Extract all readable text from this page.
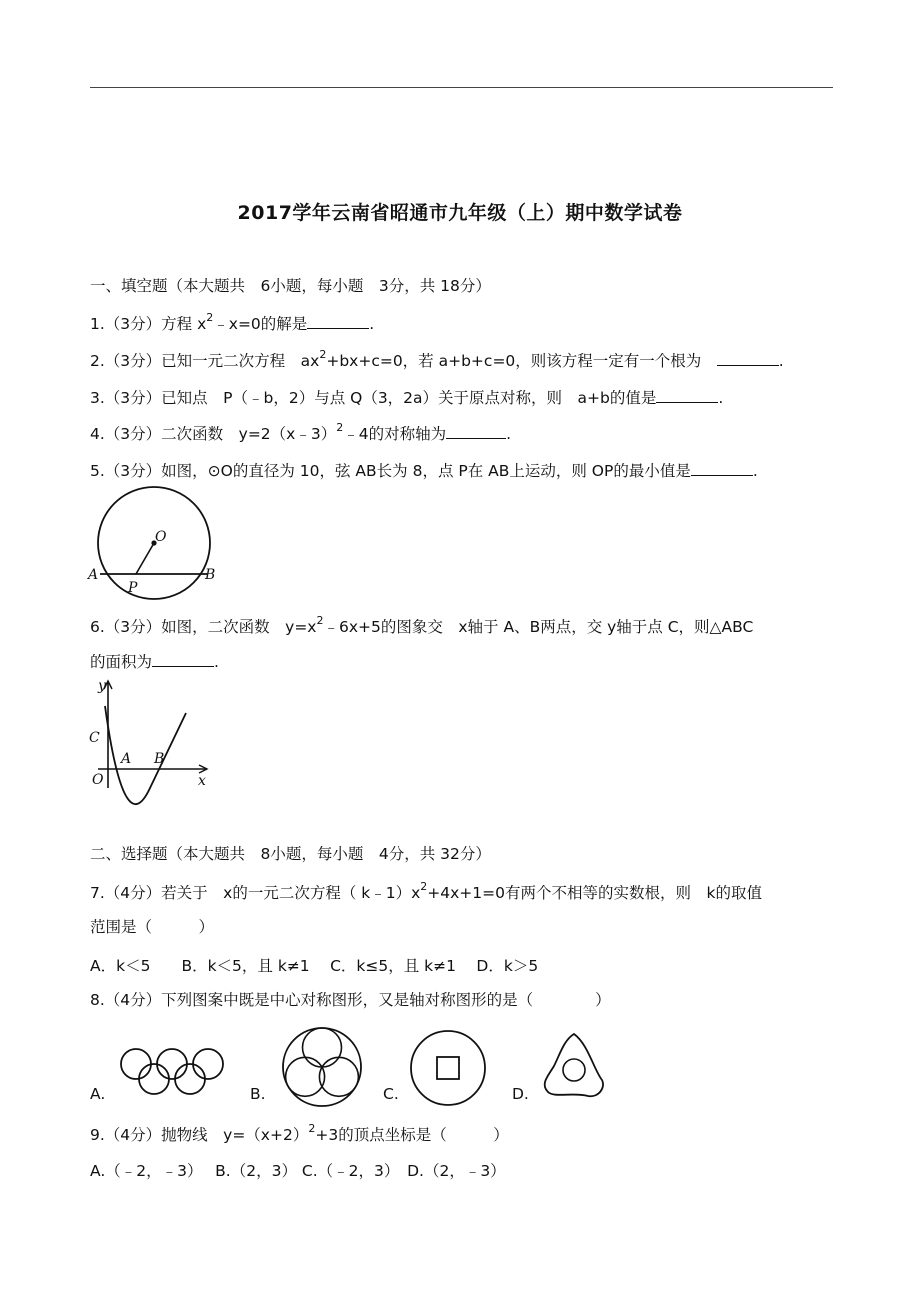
2017学年云南省昭通市九年级（上）期中数学试卷
一、填空题（本大题共　6小题，每小题　3分，共 18分）
1.（3分）方程 $x^2﹣x=0$的解是	.
2.（3分）已知一元二次方程　$ax^2+bx+c=0$，若 a+b+c=0，则该方程一定有一个根为　	.
3.（3分）已知点　P（﹣b，2）与点 Q（3，2a）关于原点对称，则　a+b的值是	.
4.（3分）二次函数　y=2（x﹣3）$^2$﹣4的对称轴为	.
5.（3分）如图，⊙O的直径为 10，弦 AB长为 8，点 P在 AB上运动，则 OP的最小值是	.
O
A	B
P
6.（3分）如图，二次函数　$y=x^2﹣6x+5$的图象交　x轴于 A、B两点，交 y轴于点 C，则△ABC
的面积为	.
y
x
C
O
A B
二、选择题（本大题共　8小题，每小题　4分，共 32分）
7.（4分）若关于　x的一元二次方程（ $k﹣1)x^2+4x+1=0$有两个不相等的实数根，则　k的取值
范围是（　　　）
A．k＜5　　B．k＜5，且 k≠1　 C．k≤5，且 k≠1　 D．k＞5
8.（4分）下列图案中既是中心对称图形，又是轴对称图形的是（　　　　）
A.	B.	C.	D.
9.（4分）抛物线　$y=(x+2)^2+3$的顶点坐标是（　　　）
A.（﹣2，﹣3）　 B.（2，3） C.（﹣2，3）　D.（2，﹣3）
